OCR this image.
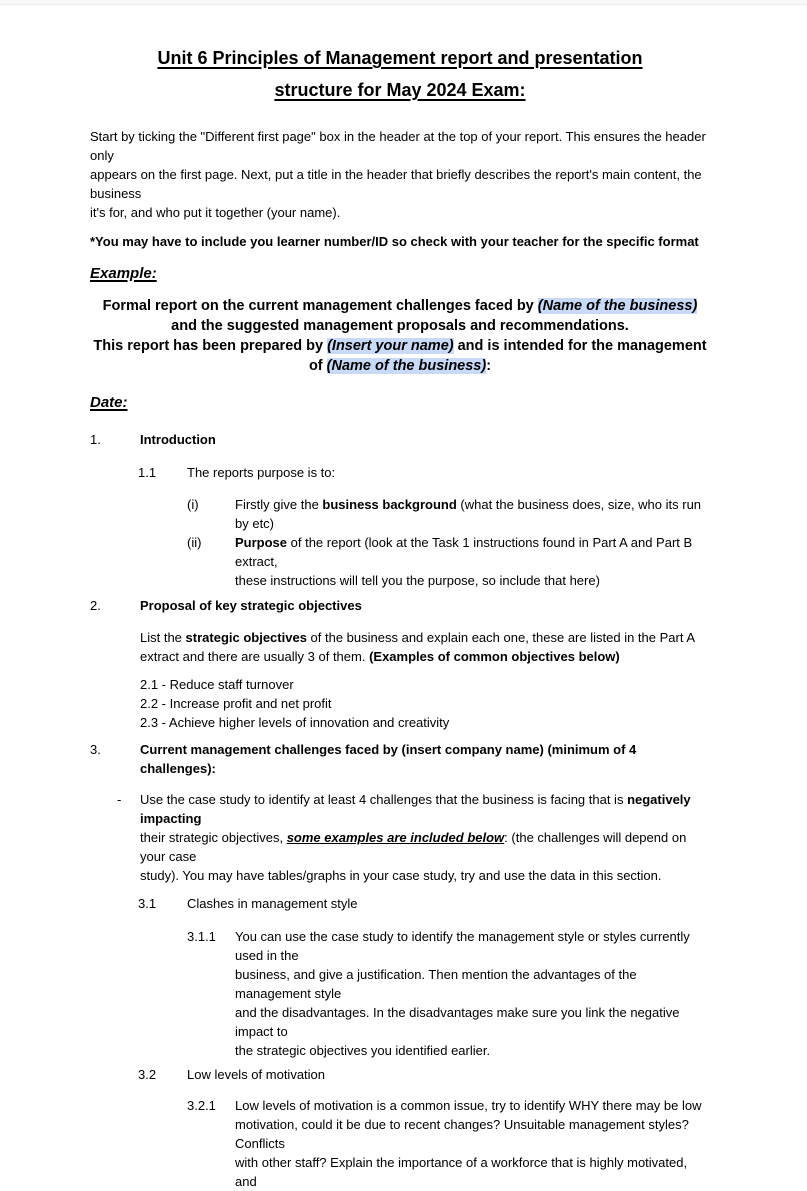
Unit 6 Principles of Management report and presentation
structure for May 2024 Exam:
Start by ticking the "Different first page" box in the header at the top of your report. This ensures the header only
appears on the first page. Next, put a title in the header that briefly describes the report's main content, the business
it's for, and who put it together (your name).
*You may have to include you learner number/ID so check with your teacher for the specific format
Example:
Formal report on the current management challenges faced by (Name of the business)
and the suggested management proposals and recommendations.
This report has been prepared by (Insert your name) and is intended for the management
of (Name of the business):
Date:
1.	Introduction
1.1	The reports purpose is to:
(i)	Firstly give the business background (what the business does, size, who its run by etc)
(ii)	Purpose of the report (look at the Task 1 instructions found in Part A and Part B extract,
these instructions will tell you the purpose, so include that here)
2.	Proposal of key strategic objectives
List the strategic objectives of the business and explain each one, these are listed in the Part A
extract and there are usually 3 of them. (Examples of common objectives below)
2.1 - Reduce staff turnover
2.2 - Increase profit and net profit
2.3 - Achieve higher levels of innovation and creativity
3.	Current management challenges faced by (insert company name) (minimum of 4 challenges):
-	Use the case study to identify at least 4 challenges that the business is facing that is negatively impacting
their strategic objectives, some examples are included below: (the challenges will depend on your case
study). You may have tables/graphs in your case study, try and use the data in this section.
3.1	Clashes in management style
3.1.1	You can use the case study to identify the management style or styles currently used in the
business, and give a justification. Then mention the advantages of the management style
and the disadvantages. In the disadvantages make sure you link the negative impact to
the strategic objectives you identified earlier.
3.2	Low levels of motivation
3.2.1	Low levels of motivation is a common issue, try to identify WHY there may be low
motivation, could it be due to recent changes? Unsuitable management styles? Conflicts
with other staff? Explain the importance of a workforce that is highly motivated, and
